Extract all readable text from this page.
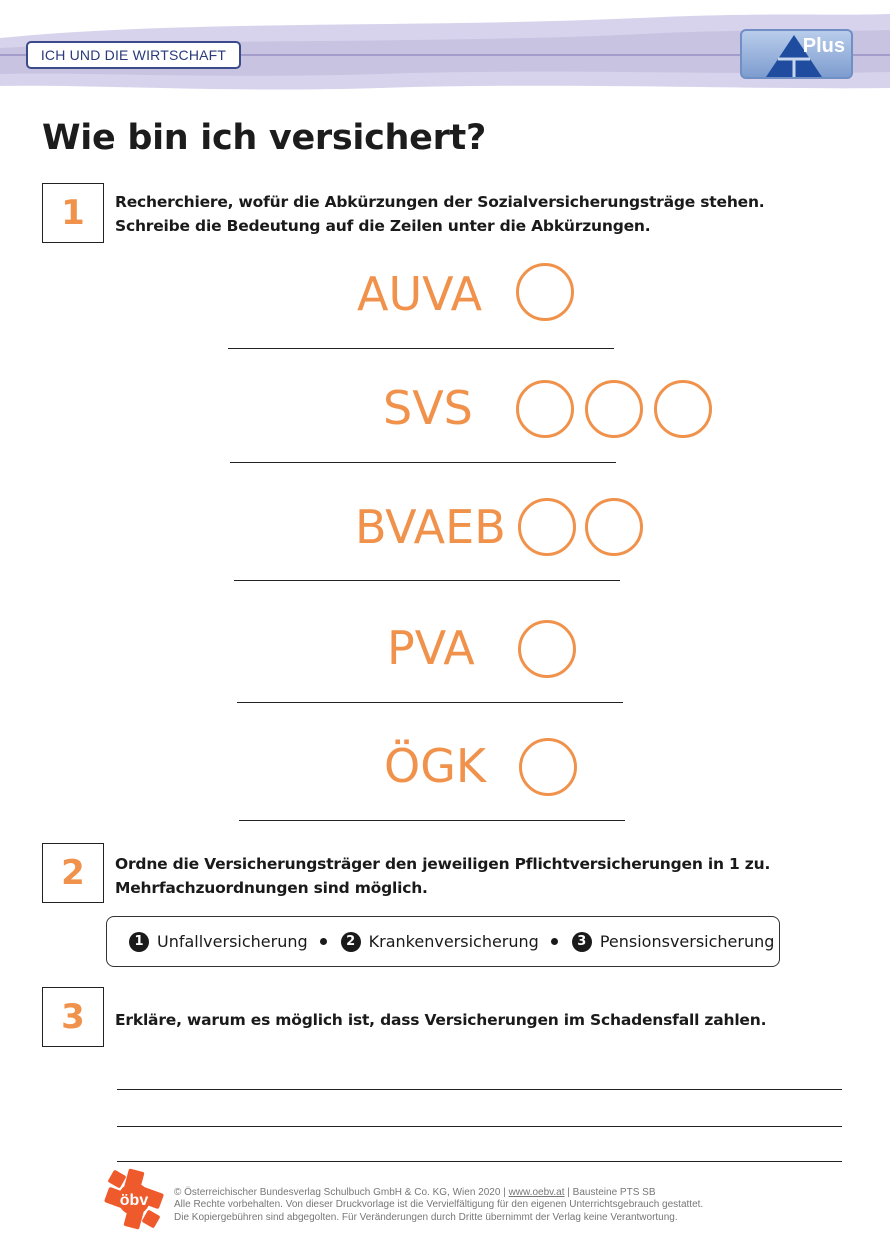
ICH UND DIE WIRTSCHAFT	Plus
Wie bin ich versichert?
1	Recherchiere, wofür die Abkürzungen der Sozialversicherungsträge stehen.
Schreibe die Bedeutung auf die Zeilen unter die Abkürzungen.
AUVA
SVS
BVAEB
PVA
ÖGK
2	Ordne die Versicherungsträger den jeweiligen Pflichtversicherungen in 1 zu.
Mehrfachzuordnungen sind möglich.
1 Unfallversicherung	2 Krankenversicherung	3 Pensionsversicherung
3	Erkläre, warum es möglich ist, dass Versicherungen im Schadensfall zahlen.
öbv	© Österreichischer Bundesverlag Schulbuch GmbH & Co. KG, Wien 2020 | www.oebv.at | Bausteine PTS SB
Alle Rechte vorbehalten. Von dieser Druckvorlage ist die Vervielfältigung für den eigenen Unterrichtsgebrauch gestattet.
Die Kopiergebühren sind abgegolten. Für Veränderungen durch Dritte übernimmt der Verlag keine Verantwortung.
